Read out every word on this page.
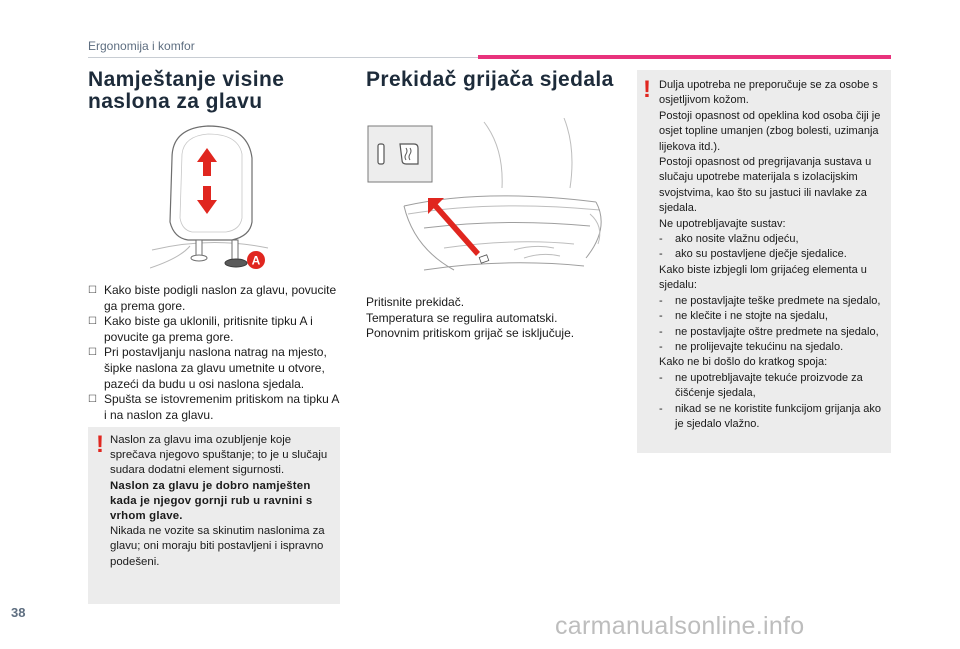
Ergonomija i komfor
Namještanje visine naslona za glavu
A
☐ Kako biste podigli naslon za glavu, povucite ga prema gore.
☐ Kako biste ga uklonili, pritisnite tipku A i povucite ga prema gore.
☐ Pri postavljanju naslona natrag na mjesto, šipke naslona za glavu umetnite u otvore, pazeći da budu u osi naslona sjedala.
☐ Spušta se istovremenim pritiskom na tipku A i na naslon za glavu.
! Naslon za glavu ima ozubljenje koje sprečava njegovo spuštanje; to je u slučaju sudara dodatni element sigurnosti.

Naslon za glavu je dobro namješten kada je njegov gornji rub u ravnini s vrhom glave.

Nikada ne vozite sa skinutim naslonima za glavu; oni moraju biti postavljeni i ispravno podešeni.

Prekidač grijača sjedala

Pritisnite prekidač.

Temperatura se regulira automatski.

Ponovnim pritiskom grijač se isključuje.

! Dulja upotreba ne preporučuje se za osobe s osjetljivom kožom.

Postoji opasnost od opeklina kod osoba čiji je osjet topline umanjen (zbog bolesti, uzimanja lijekova itd.).

Postoji opasnost od pregrijavanja sustava u slučaju upotrebe materijala s izolacijskim svojstvima, kao što su jastuci ili navlake za sjedala.

Ne upotrebljavajte sustav:

-	ako nosite vlažnu odjeću,
-	ako su postavljene dječje sjedalice.

Kako biste izbjegli lom grijaćeg elementa u sjedalu:

-	ne postavljajte teške predmete na sjedalo,
-	ne klečite i ne stojte na sjedalu,
-	ne postavljajte oštre predmete na sjedalo,
-	ne prolijevajte tekućinu na sjedalo.

Kako ne bi došlo do kratkog spoja:

-	ne upotrebljavajte tekuće proizvode za čišćenje sjedala,
-	nikad se ne koristite funkcijom grijanja ako je sjedalo vlažno.
38	carmanualsonline.info
